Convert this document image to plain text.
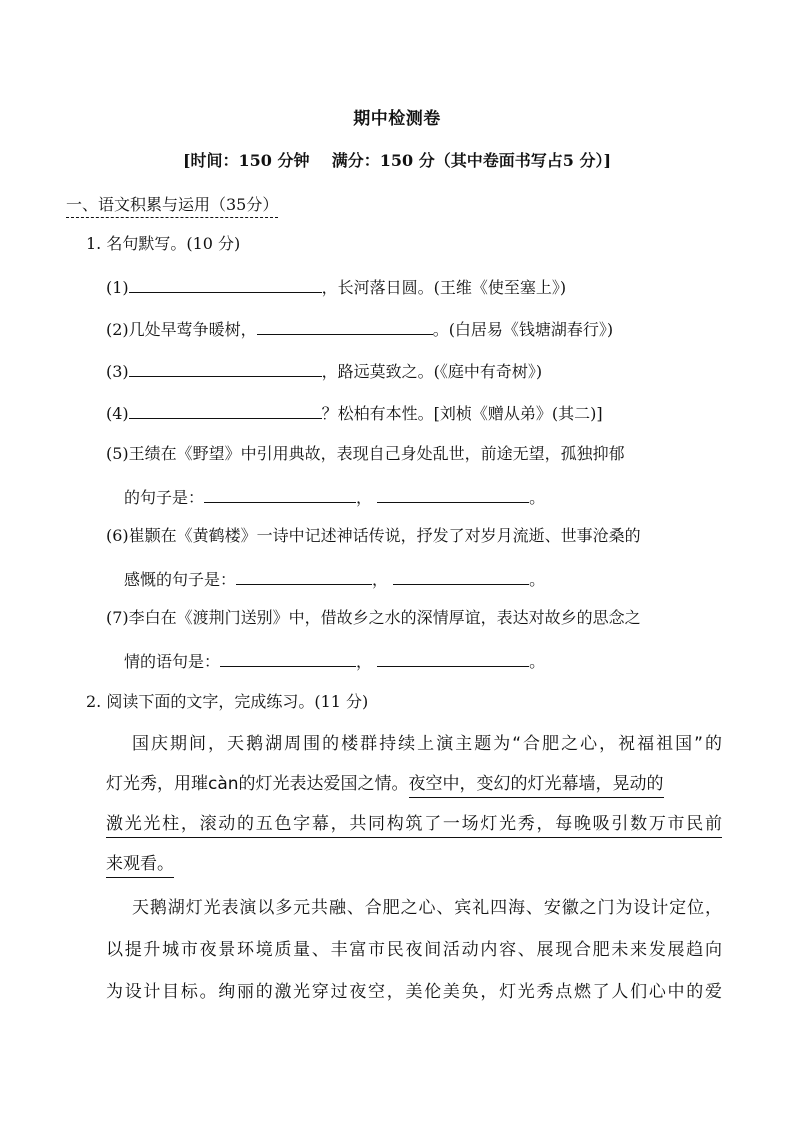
期中检测卷
[时间：150 分钟    满分：150 分（其中卷面书写占5 分）]
一、语文积累与运用（35分）
1. 名句默写。(10 分)
(1)	，长河落日圆。(王维《使至塞上》)
(2)几处早莺争暖树，	。(白居易《钱塘湖春行》)
(3)	，路远莫致之。(《庭中有奇树》)
(4)	？松柏有本性。[刘桢《赠从弟》(其二)]
(5)王绩在《野望》中引用典故，表现自己身处乱世，前途无望，孤独抑郁
的句子是：	，	。
(6)崔颢在《黄鹤楼》一诗中记述神话传说，抒发了对岁月流逝、世事沧桑的
感慨的句子是：	，	。
(7)李白在《渡荆门送别》中，借故乡之水的深情厚谊，表达对故乡的思念之
情的语句是：	，	。
2. 阅读下面的文字，完成练习。(11 分)
国庆期间，天鹅湖周围的楼群持续上演主题为“合肥之心，祝福祖国”的
灯光秀，用璀càn的灯光表达爱国之情。夜空中，变幻的灯光幕墙，晃动的
激光光柱，滚动的五色字幕，共同构筑了一场灯光秀，每晚吸引数万市民前
来观看。
天鹅湖灯光表演以多元共融、合肥之心、宾礼四海、安徽之门为设计定位，
以提升城市夜景环境质量、丰富市民夜间活动内容、展现合肥未来发展趋向
为设计目标。绚丽的激光穿过夜空，美伦美奂，灯光秀点燃了人们心中的爱
